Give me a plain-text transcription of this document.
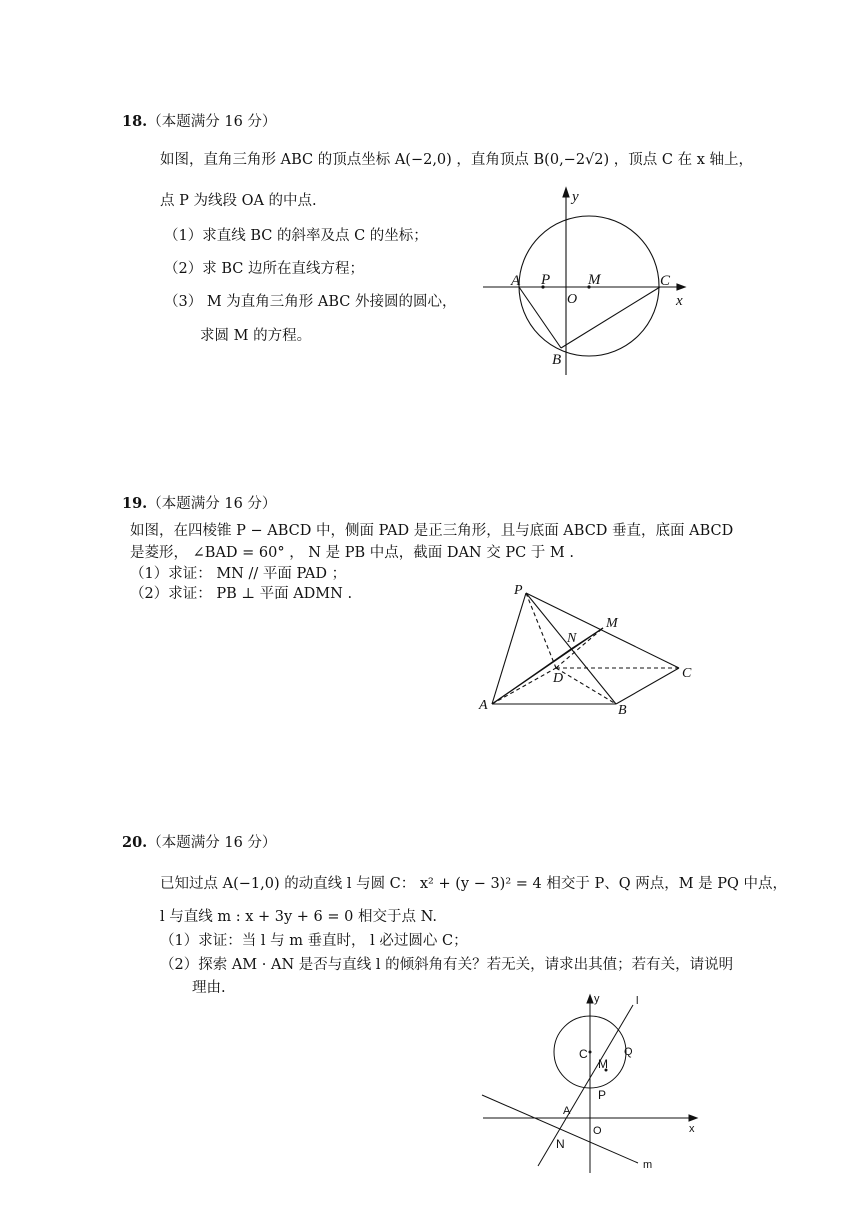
18.（本题满分 16 分）
如图，直角三角形 ABC 的顶点坐标 A(−2,0) ，直角顶点 B(0,−2√2) ，顶点 C 在 x 轴上，
点 P 为线段 OA 的中点.
（1）求直线 BC 的斜率及点 C 的坐标；
（2）求 BC 边所在直线方程；
（3） M 为直角三角形 ABC 外接圆的圆心，
求圆 M 的方程。
y
A P	M	C
O	x
B
19.（本题满分 16 分）
如图，在四棱锥 P − ABCD 中，侧面 PAD 是正三角形，且与底面 ABCD 垂直，底面 ABCD
是菱形， ∠BAD = 60° ， N 是 PB 中点，截面 DAN 交 PC 于 M .
（1）求证： MN // 平面 PAD ；
（2）求证： PB ⊥ 平面 ADMN .	P
M
N
D	C
A	B
20.（本题满分 16 分）
已知过点 A(−1,0) 的动直线 l 与圆 C： x² + (y − 3)² = 4 相交于 P、Q 两点，M 是 PQ 中点，
l 与直线 m : x + 3y + 6 = 0 相交于点 N.
（1）求证：当 l 与 m 垂直时， l 必过圆心 C；
（2）探索 AM · AN 是否与直线 l 的倾斜角有关？若无关，请求出其值；若有关，请说明
理由.
y	l
C
M
Q
P
A
O	x
N
m
